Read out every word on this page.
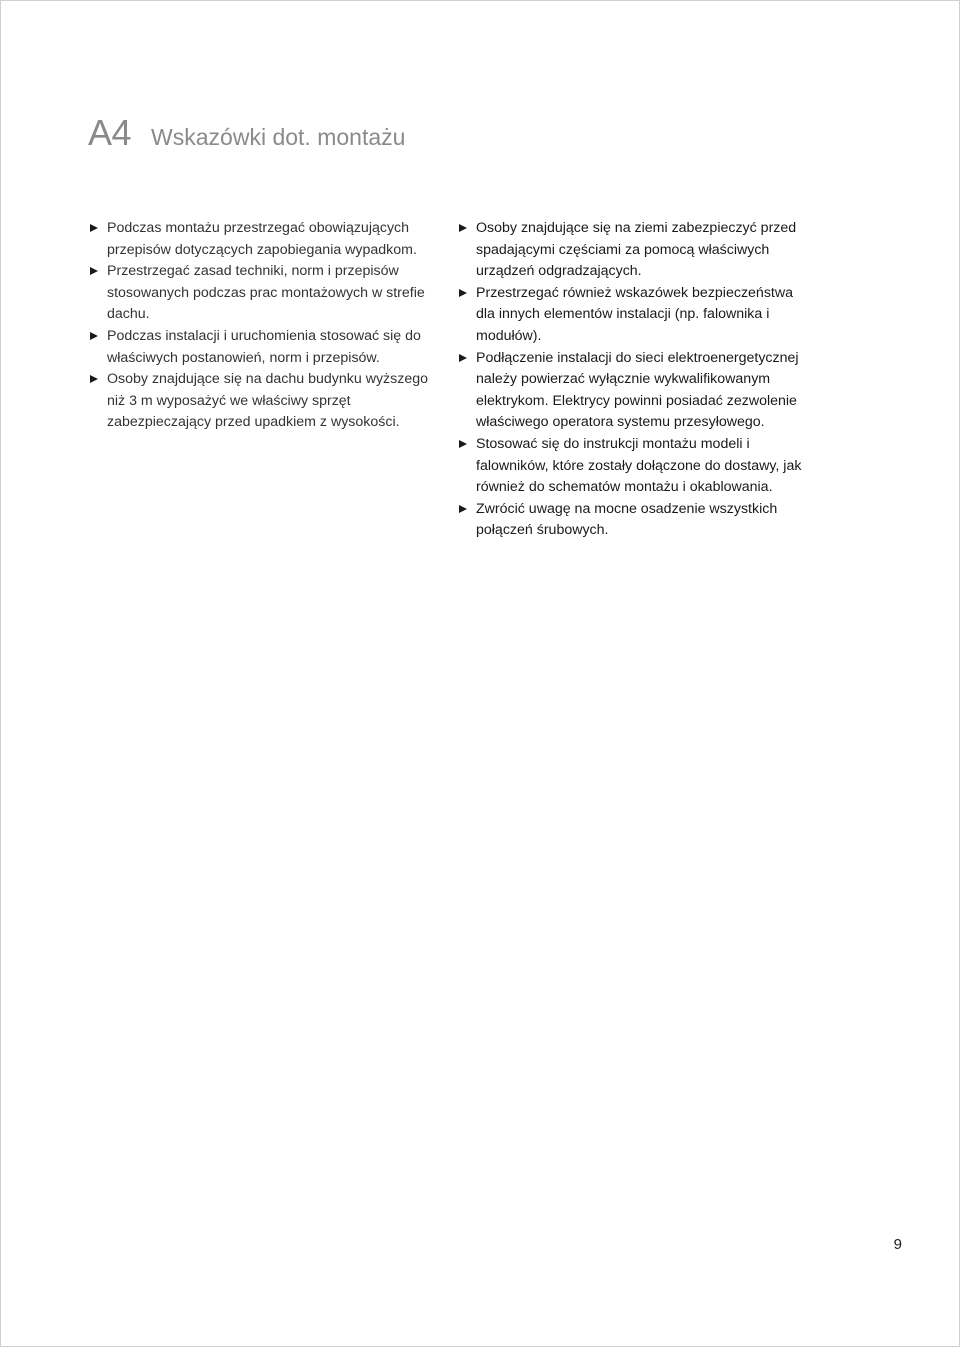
A4 Wskazówki dot. montażu
Podczas montażu przestrzegać obowiązujących przepisów dotyczących zapobiegania wypadkom.
Przestrzegać zasad techniki, norm i przepisów stosowanych podczas prac montażowych w strefie dachu.
Podczas instalacji i uruchomienia stosować się do właściwych postanowień, norm i przepisów.
Osoby znajdujące się na dachu budynku wyższego niż 3 m wyposażyć we właściwy sprzęt zabezpieczający przed upadkiem z wysokości.
Osoby znajdujące się na ziemi zabezpieczyć przed spadającymi częściami za pomocą właściwych urządzeń odgradzających.
Przestrzegać również wskazówek bezpieczeństwa dla innych elementów instalacji (np. falownika i modułów).
Podłączenie instalacji do sieci elektroenergetycznej należy powierzać wyłącznie wykwalifikowanym elektrykom. Elektrycy powinni posiadać zezwolenie właściwego operatora systemu przesyłowego.
Stosować się do instrukcji montażu modeli i falowników, które zostały dołączone do dostawy, jak również do schematów montażu i okablowania.
Zwrócić uwagę na mocne osadzenie wszystkich połączeń śrubowych.
9
